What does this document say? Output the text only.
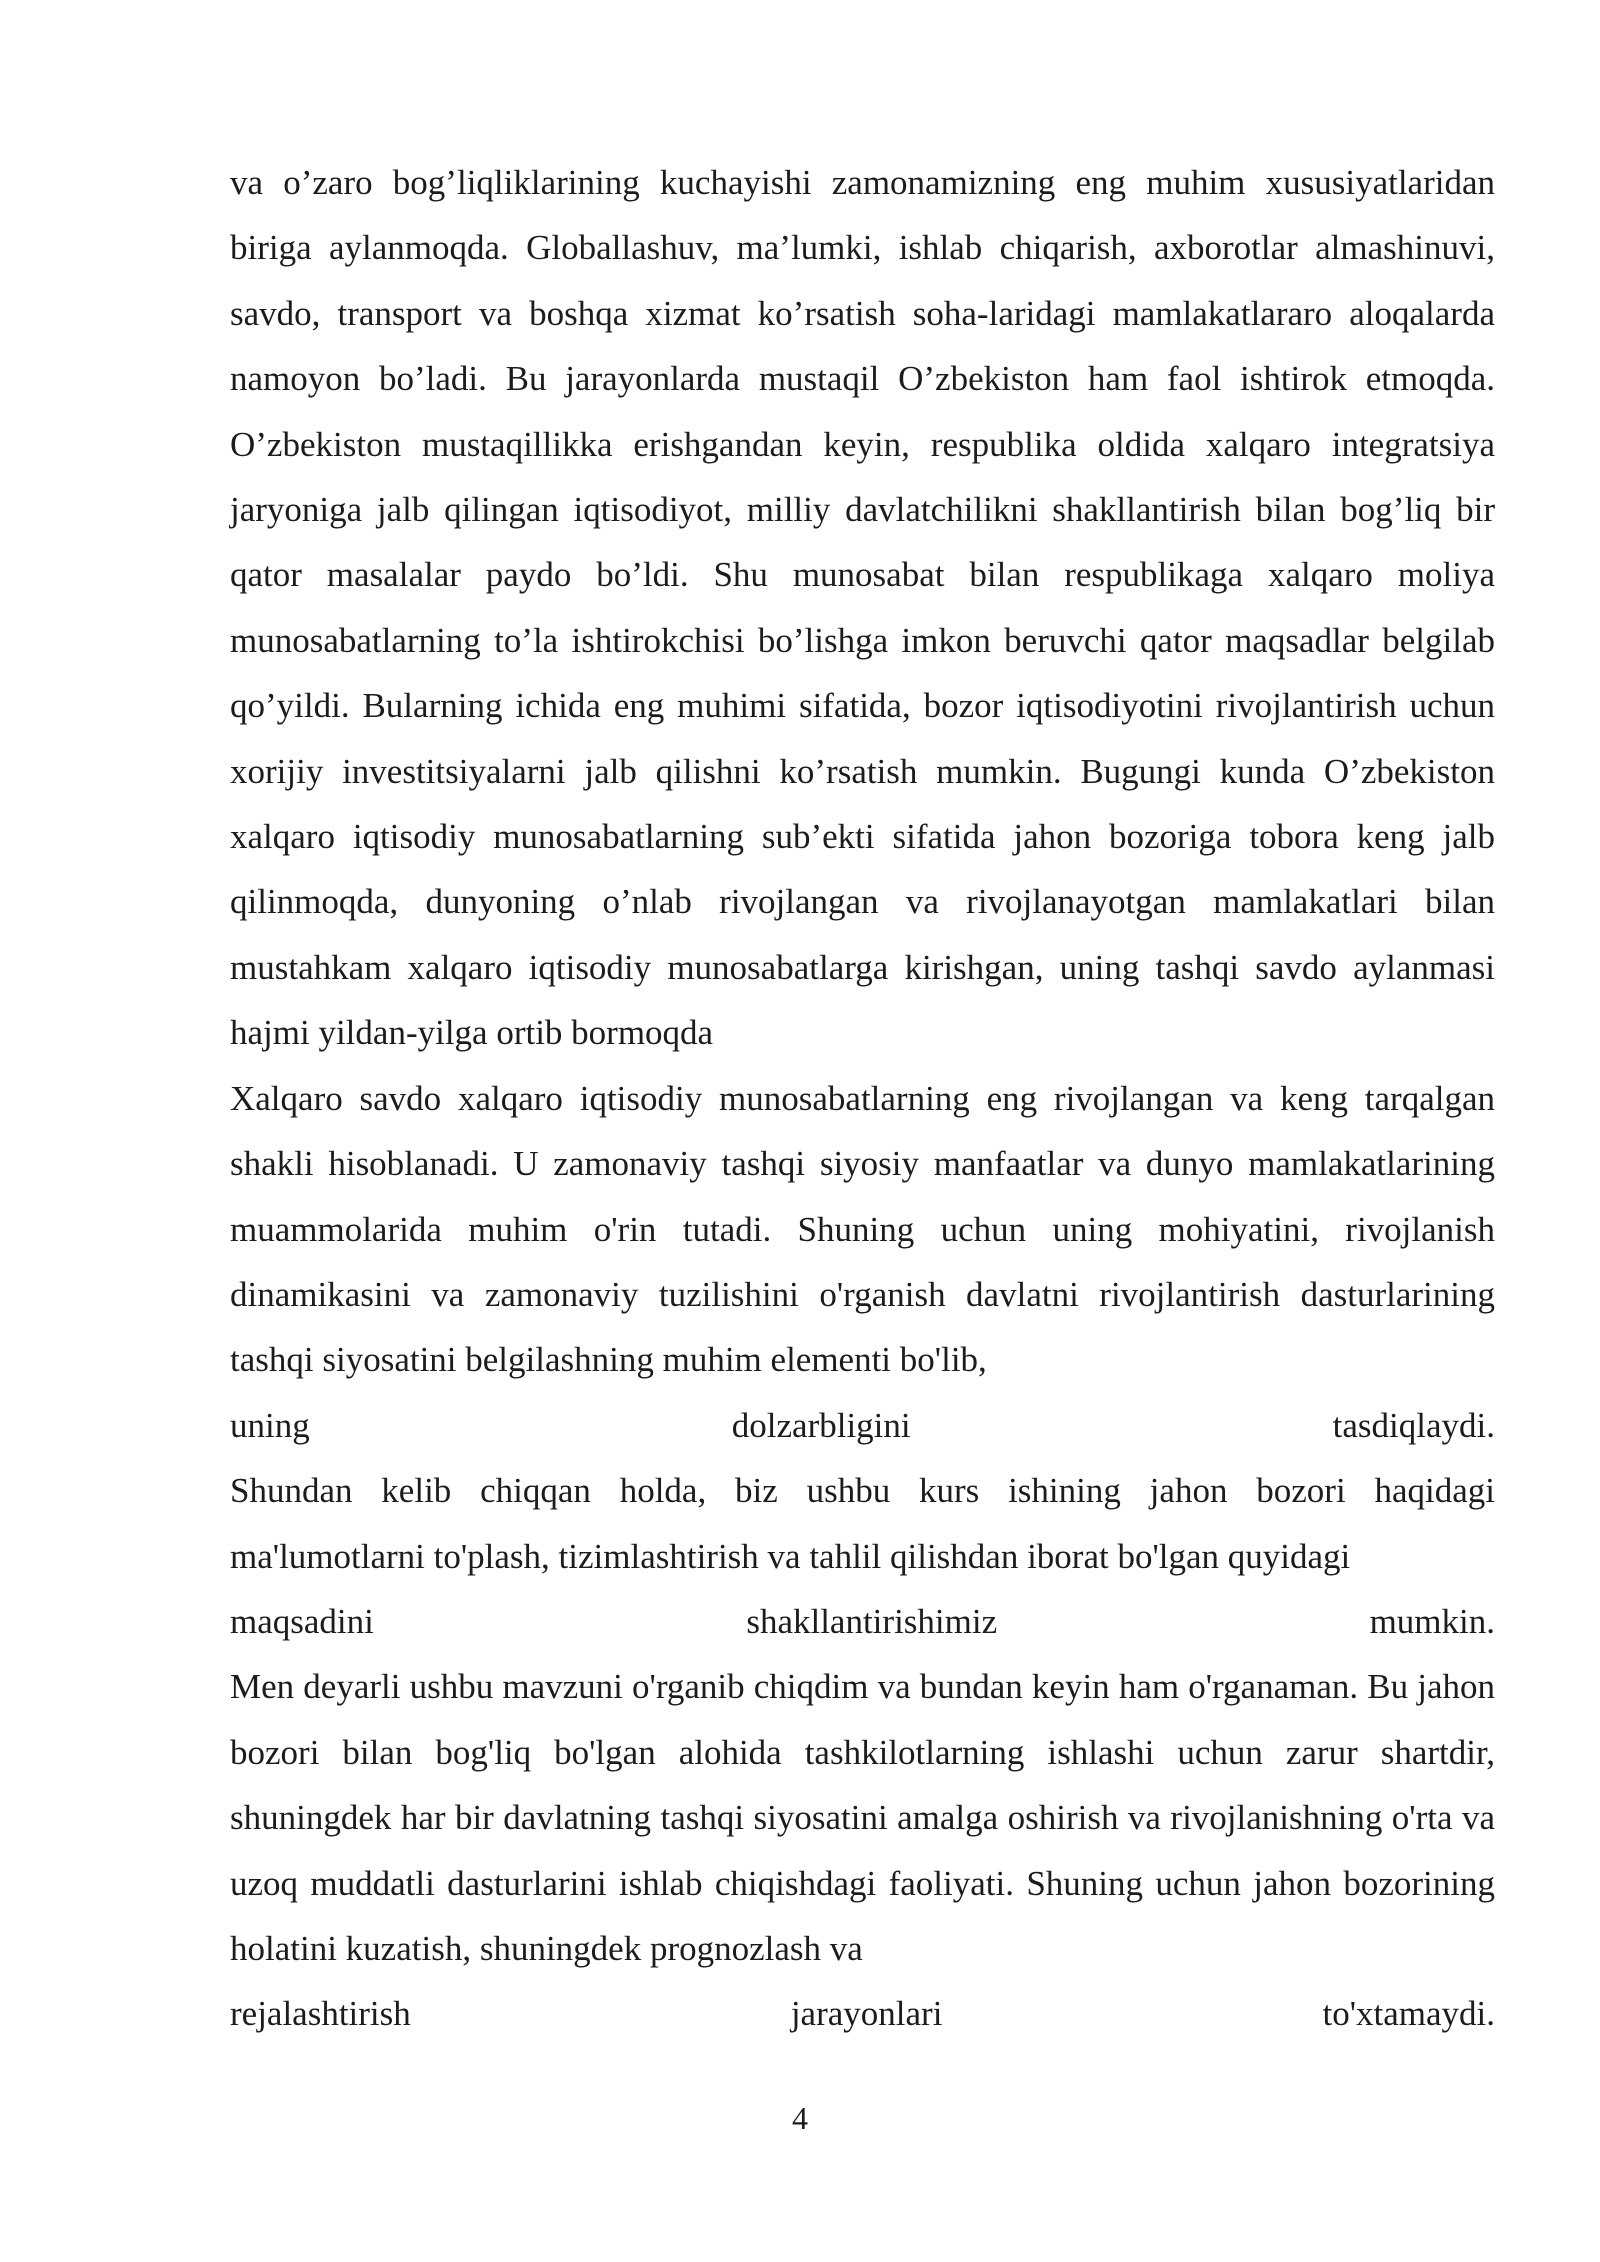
va o’zaro bog’liqliklarining kuchayishi zamonamizning eng muhim xususiyatlaridan biriga aylanmoqda. Globallashuv, ma’lumki, ishlab chiqarish, axborotlar almashinuvi, savdo, transport va boshqa xizmat ko’rsatish soha-laridagi mamlakatlararo aloqalarda namoyon bo’ladi. Bu jarayonlarda mustaqil O’zbekiston ham faol ishtirok etmoqda. O’zbekiston mustaqillikka erishgandan keyin, respublika oldida xalqaro integratsiya jaryoniga jalb qilingan iqtisodiyot, milliy davlatchilikni shakllantirish bilan bog’liq bir qator masalalar paydo bo’ldi. Shu munosabat bilan respublikaga xalqaro moliya munosabatlarning to’la ishtirokchisi bo’lishga imkon beruvchi qator maqsadlar belgilab qo’yildi. Bularning ichida eng muhimi sifatida, bozor iqtisodiyotini rivojlantirish uchun xorijiy investitsiyalarni jalb qilishni ko’rsatish mumkin. Bugungi kunda O’zbekiston xalqaro iqtisodiy munosabatlarning sub’ekti sifatida jahon bozoriga tobora keng jalb qilinmoqda, dunyoning o’nlab rivojlangan va rivojlanayotgan mamlakatlari bilan mustahkam xalqaro iqtisodiy munosabatlarga kirishgan, uning tashqi savdo aylanmasi hajmi yildan-yilga ortib bormoqda

Xalqaro savdo xalqaro iqtisodiy munosabatlarning eng rivojlangan va keng tarqalgan shakli hisoblanadi. U zamonaviy tashqi siyosiy manfaatlar va dunyo mamlakatlarining muammolarida muhim o'rin tutadi. Shuning uchun uning mohiyatini, rivojlanish dinamikasini va zamonaviy tuzilishini o'rganish davlatni rivojlantirish dasturlarining tashqi siyosatini belgilashning muhim elementi bo'lib,

uning dolzarbligini tasdiqlaydi.

Shundan kelib chiqqan holda, biz ushbu kurs ishining jahon bozori haqidagi ma'lumotlarni to'plash, tizimlashtirish va tahlil qilishdan iborat bo'lgan quyidagi

maqsadini shakllantirishimiz mumkin.

Men deyarli ushbu mavzuni o'rganib chiqdim va bundan keyin ham o'rganaman. Bu jahon bozori bilan bog'liq bo'lgan alohida tashkilotlarning ishlashi uchun zarur shartdir, shuningdek har bir davlatning tashqi siyosatini amalga oshirish va rivojlanishning o'rta va uzoq muddatli dasturlarini ishlab chiqishdagi faoliyati. Shuning uchun jahon bozorining holatini kuzatish, shuningdek prognozlash va

rejalashtirish jarayonlari to'xtamaydi.

4
